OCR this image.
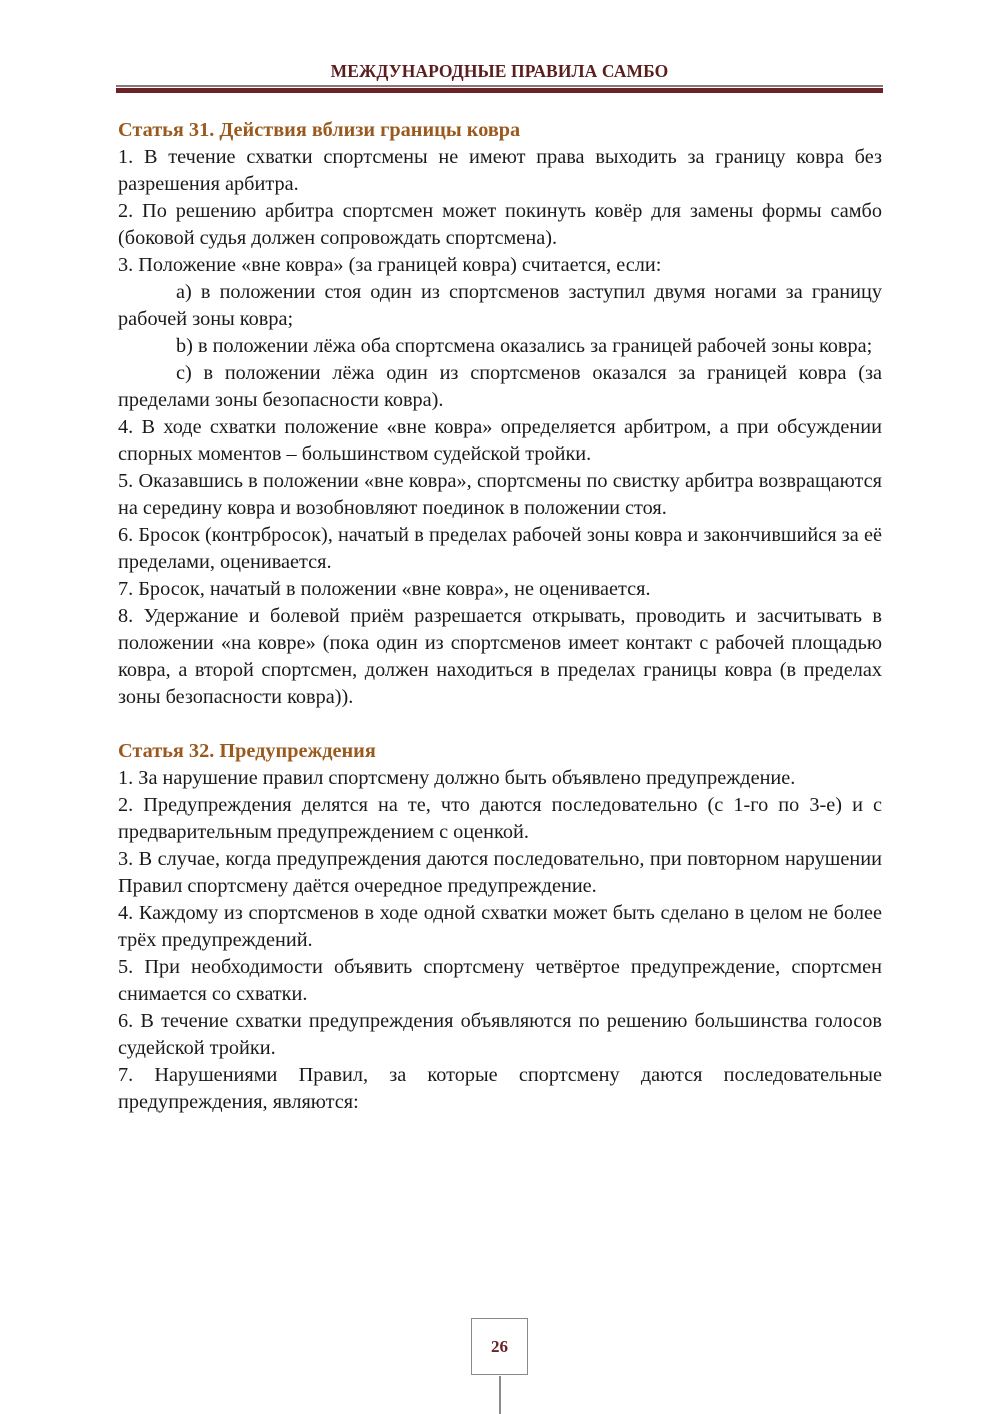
МЕЖДУНАРОДНЫЕ ПРАВИЛА САМБО
Статья 31. Действия вблизи границы ковра

1. В течение схватки спортсмены не имеют права выходить за границу ковра без разрешения арбитра.

2. По решению арбитра спортсмен может покинуть ковёр для замены формы самбо (боковой судья должен сопровождать спортсмена).

3. Положение «вне ковра» (за границей ковра) считается, если:

a) в положении стоя один из спортсменов заступил двумя ногами за границу рабочей зоны ковра;

b) в положении лёжа оба спортсмена оказались за границей рабочей зоны ковра;

c) в положении лёжа один из спортсменов оказался за границей ковра (за пределами зоны безопасности ковра).

4. В ходе схватки положение «вне ковра» определяется арбитром, а при обсуждении спорных моментов – большинством судейской тройки.

5. Оказавшись в положении «вне ковра», спортсмены по свистку арбитра возвращаются на середину ковра и возобновляют поединок в положении стоя.

6. Бросок (контрбросок), начатый в пределах рабочей зоны ковра и закончившийся за её пределами, оценивается.

7. Бросок, начатый в положении «вне ковра», не оценивается.

8. Удержание и болевой приём разрешается открывать, проводить и засчитывать в положении «на ковре» (пока один из спортсменов имеет контакт с рабочей площадью ковра, а второй спортсмен, должен находиться в пределах границы ковра (в пределах зоны безопасности ковра)).

Статья 32. Предупреждения

1. За нарушение правил спортсмену должно быть объявлено предупреждение.

2. Предупреждения делятся на те, что даются последовательно (с 1-го по 3-е) и с предварительным предупреждением с оценкой.

3. В случае, когда предупреждения даются последовательно, при повторном нарушении Правил спортсмену даётся очередное предупреждение.

4. Каждому из спортсменов в ходе одной схватки может быть сделано в целом не более трёх предупреждений.

5. При необходимости объявить спортсмену четвёртое предупреждение, спортсмен снимается со схватки.

6. В течение схватки предупреждения объявляются по решению большинства голосов судейской тройки.

7. Нарушениями Правил, за которые спортсмену даются последовательные предупреждения, являются:

26
